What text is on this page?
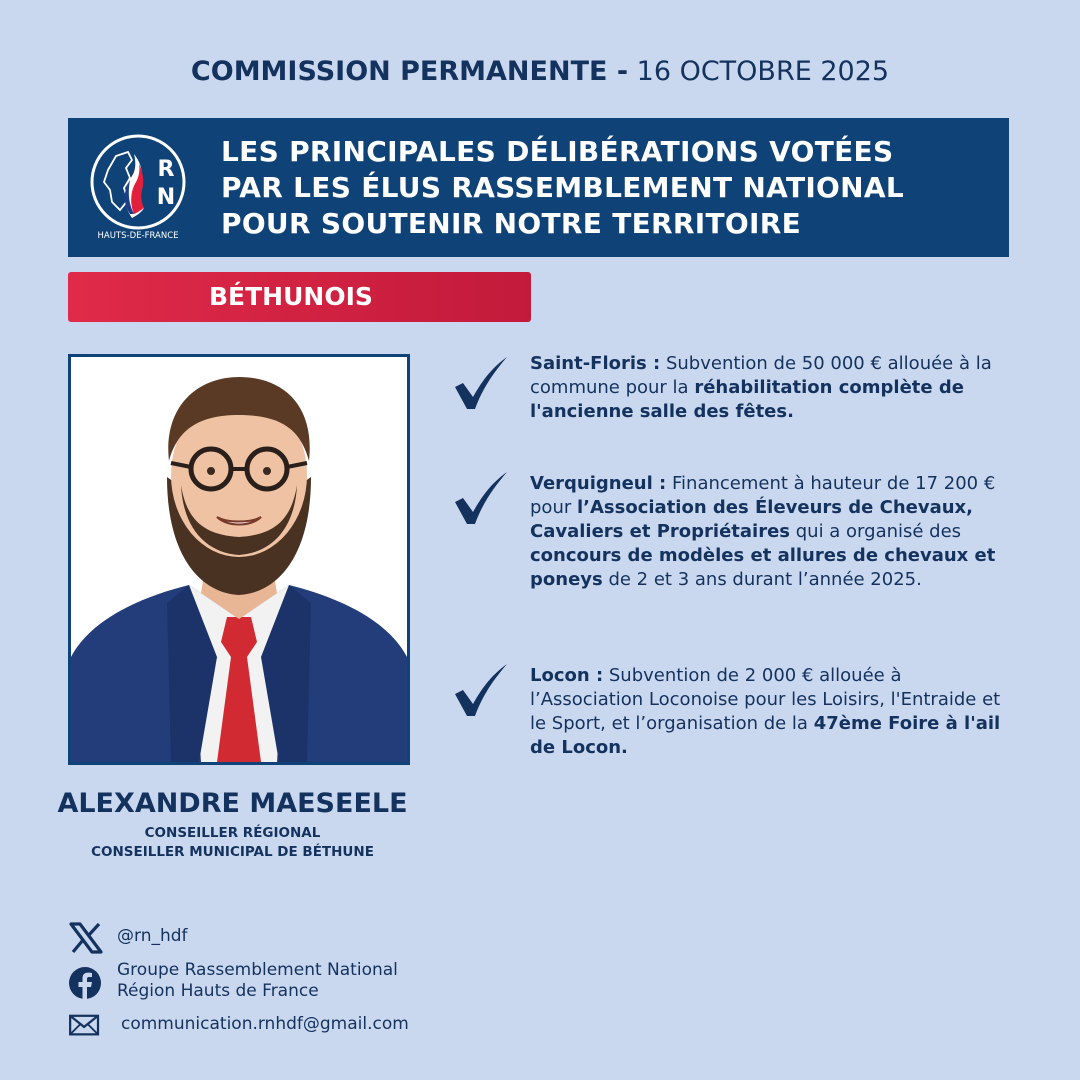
COMMISSION PERMANENTE - 16 OCTOBRE 2025
R
N
HAUTS-DE-FRANCE
LES PRINCIPALES DÉLIBÉRATIONS VOTÉES
PAR LES ÉLUS RASSEMBLEMENT NATIONAL
POUR SOUTENIR NOTRE TERRITOIRE
BÉTHUNOIS
ALEXANDRE MAESEELE
CONSEILLER RÉGIONAL
CONSEILLER MUNICIPAL DE BÉTHUNE
Saint-Floris : Subvention de 50 000 € allouée à la commune pour la réhabilitation complète de l'ancienne salle des fêtes.
Verquigneul : Financement à hauteur de 17 200 € pour l’Association des Éleveurs de Chevaux, Cavaliers et Propriétaires qui a organisé des concours de modèles et allures de chevaux et poneys de 2 et 3 ans durant l’année 2025.
Locon : Subvention de 2 000 € allouée à l’Association Loconoise pour les Loisirs, l'Entraide et le Sport, et l’organisation de la 47ème Foire à l'ail de Locon.
@rn_hdf
Groupe Rassemblement National
Région Hauts de France
communication.rnhdf@gmail.com
